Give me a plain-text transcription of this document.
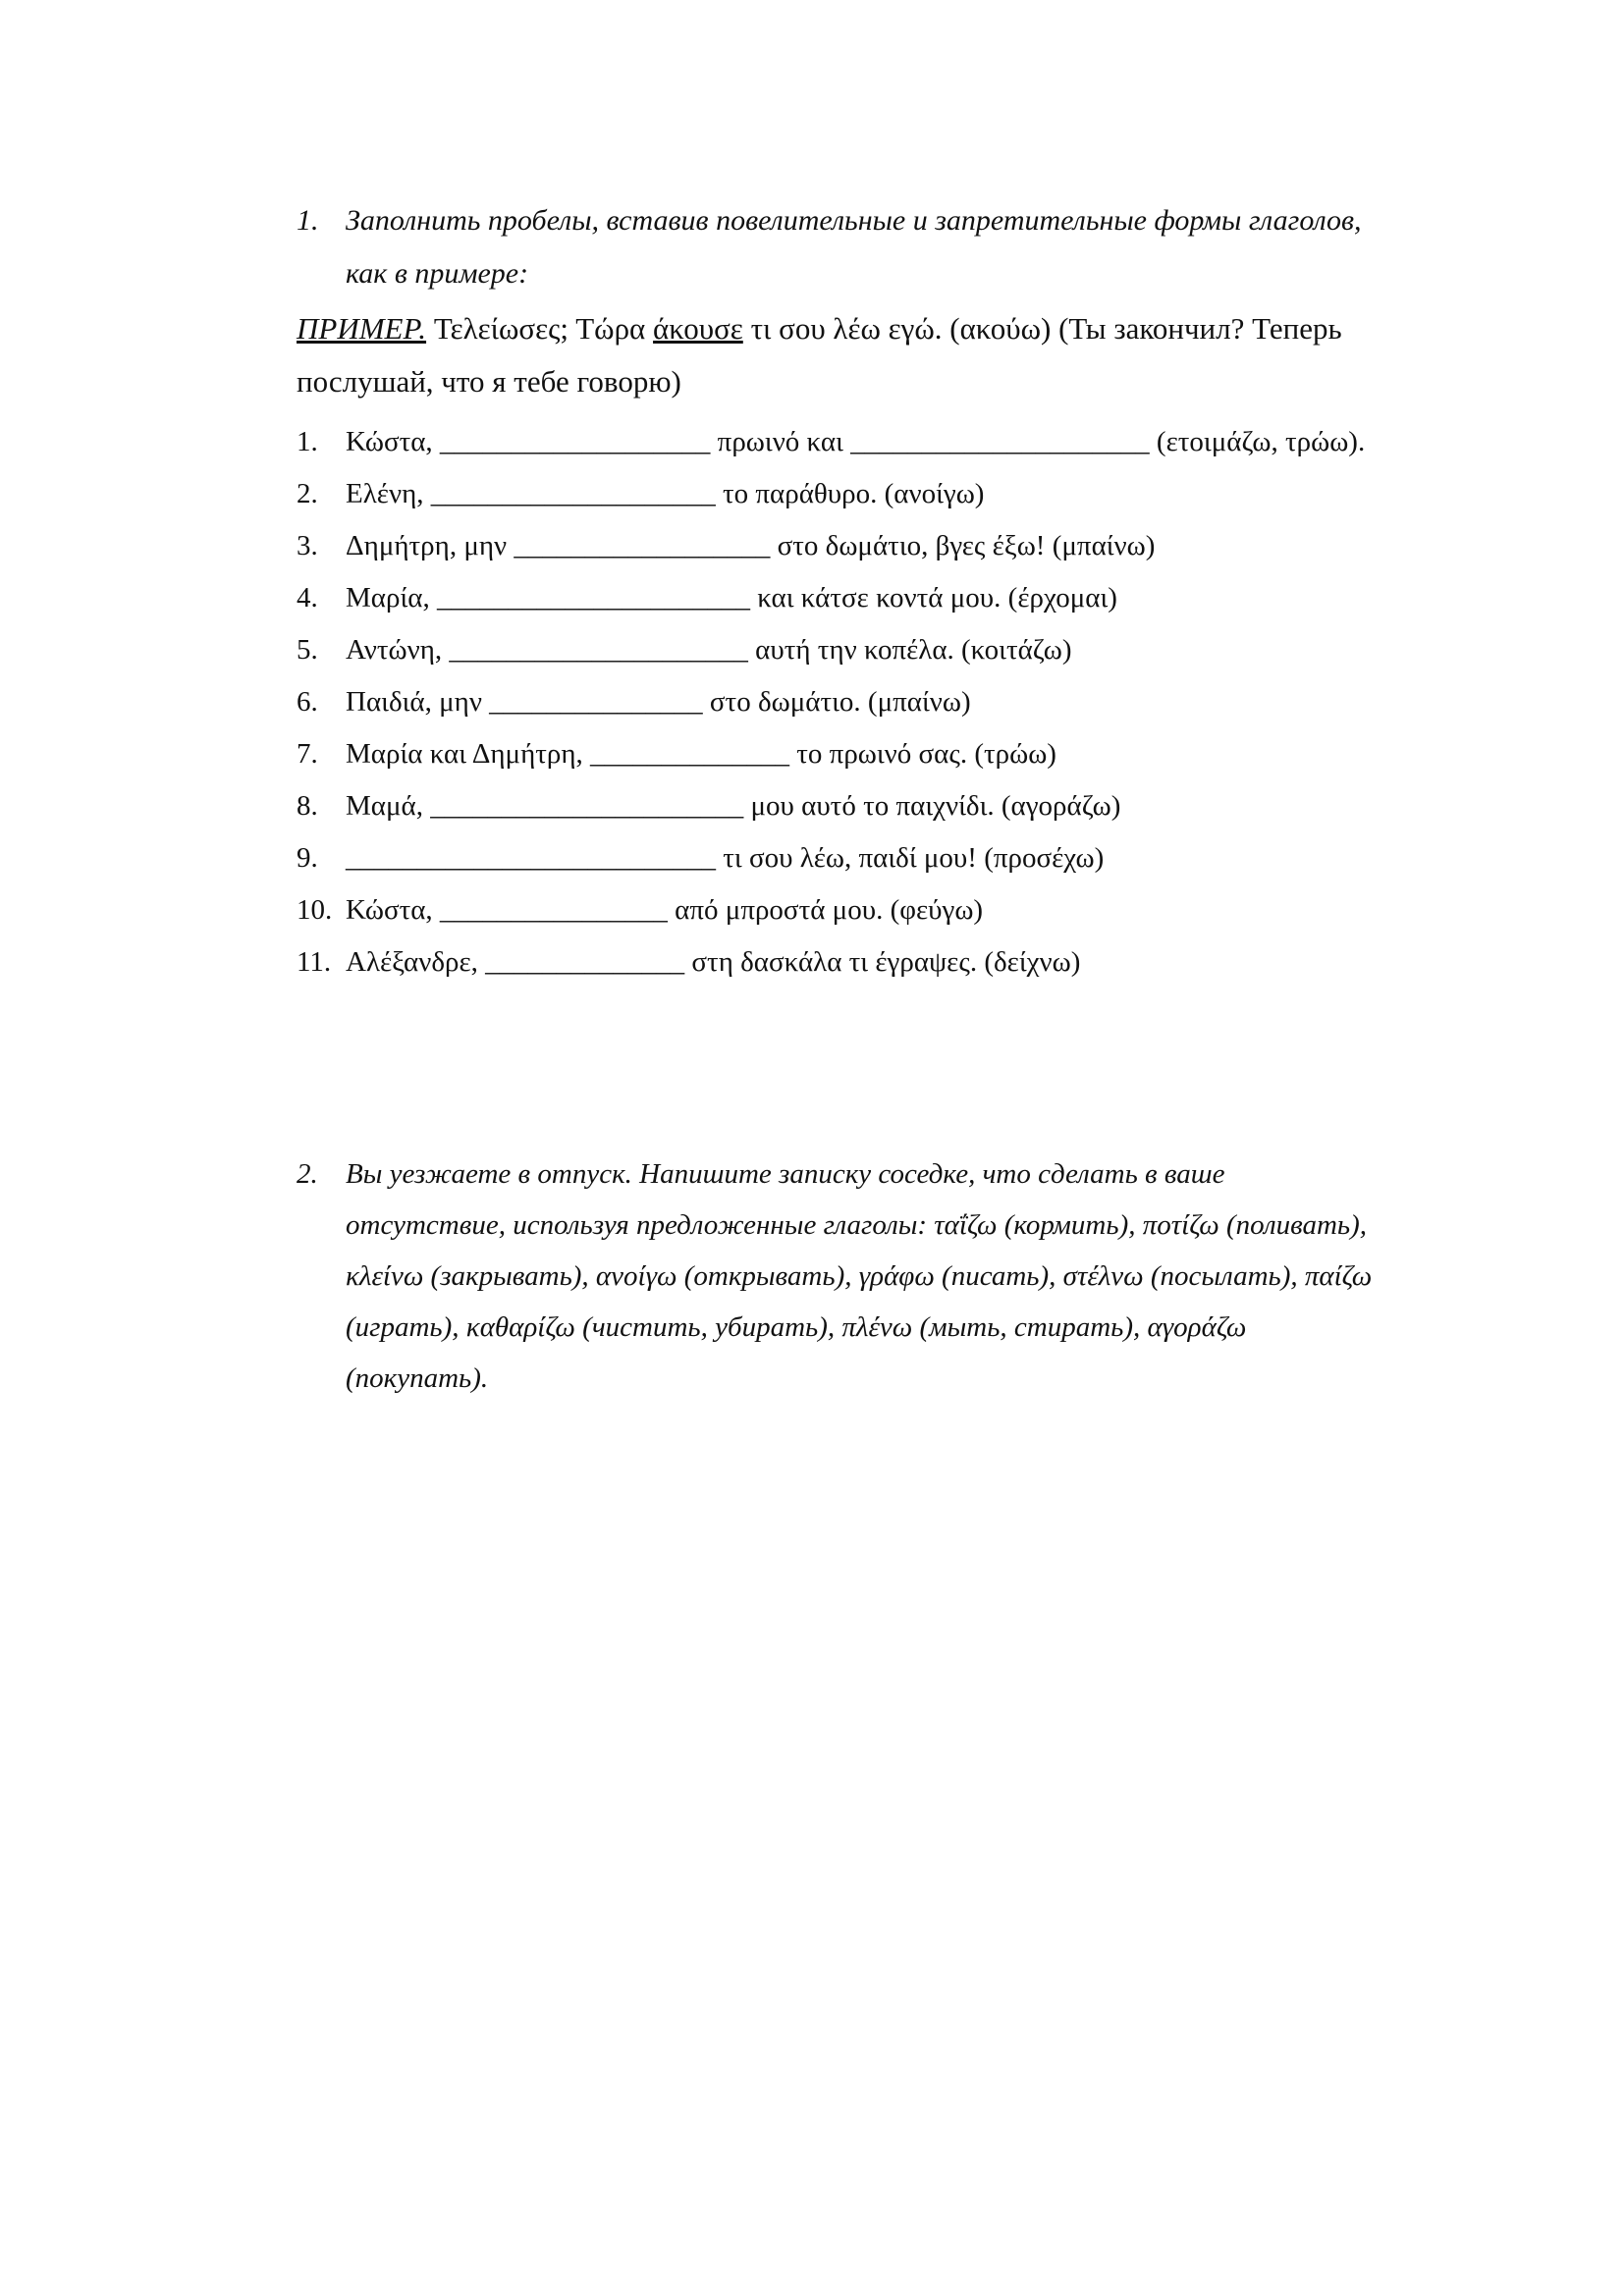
1. Заполнить пробелы, вставив повелительные и запретительные формы глаголов, как в примере:
ПРИМЕР. Τελείωσες; Τώρα άκουσε τι σου λέω εγώ. (ακούω) (Ты закончил? Теперь послушай, что я тебе говорю)
1. Κώστα, ___________________ πρωινό και _____________________ (ετοιμάζω, τρώω).
2. Ελένη, ____________________ το παράθυρο. (ανοίγω)
3. Δημήτρη, μην __________________ στο δωμάτιο, βγες έξω! (μπαίνω)
4. Μαρία, ______________________ και κάτσε κοντά μου. (έρχομαι)
5. Αντώνη, _____________________ αυτή την κοπέλα. (κοιτάζω)
6. Παιδιά, μην _______________ στο δωμάτιο. (μπαίνω)
7. Μαρία και Δημήτρη, ______________ το πρωινό σας. (τρώω)
8. Μαμά, ______________________ μου αυτό το παιχνίδι. (αγοράζω)
9. __________________________ τι σου λέω, παιδί μου! (προσέχω)
10. Κώστα, ________________ από μπροστά μου. (φεύγω)
11. Αλέξανδρε, ______________ στη δασκάλα τι έγραψες. (δείχνω)
2. Вы уезжаете в отпуск. Напишите записку соседке, что сделать в ваше отсутствие, используя предложенные глаголы: ταΐζω (кормить), ποτίζω (поливать), κλείνω (закрывать), ανοίγω (открывать), γράφω (писать), στέλνω (посылать), παίζω (играть), καθαρίζω (чистить, убирать), πλένω (мыть, стирать), αγοράζω (покупать).
